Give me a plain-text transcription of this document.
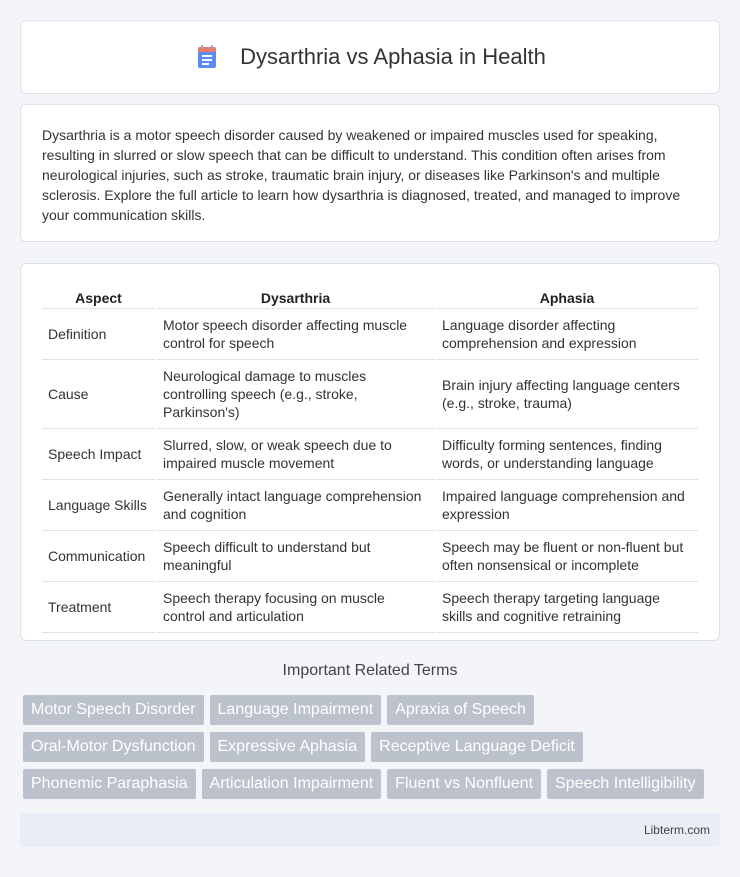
Dysarthria vs Aphasia in Health

Dysarthria is a motor speech disorder caused by weakened or impaired muscles used for speaking, resulting in slurred or slow speech that can be difficult to understand. This condition often arises from neurological injuries, such as stroke, traumatic brain injury, or diseases like Parkinson's and multiple sclerosis. Explore the full article to learn how dysarthria is diagnosed, treated, and managed to improve your communication skills.

Aspect	Dysarthria	Aphasia
Definition	Motor speech disorder affecting muscle control for speech	Language disorder affecting comprehension and expression
Cause	Neurological damage to muscles controlling speech (e.g., stroke, Parkinson's)	Brain injury affecting language centers (e.g., stroke, trauma)
Speech Impact	Slurred, slow, or weak speech due to impaired muscle movement	Difficulty forming sentences, finding words, or understanding language
Language Skills	Generally intact language comprehension and cognition	Impaired language comprehension and expression
Communication	Speech difficult to understand but meaningful	Speech may be fluent or non-fluent but often nonsensical or incomplete
Treatment	Speech therapy focusing on muscle control and articulation	Speech therapy targeting language skills and cognitive retraining
Important Related Terms
Motor Speech Disorder	Language Impairment	Apraxia of Speech
Oral-Motor Dysfunction	Expressive Aphasia	Receptive Language Deficit
Phonemic Paraphasia	Articulation Impairment	Fluent vs Nonfluent	Speech Intelligibility
Libterm.com
